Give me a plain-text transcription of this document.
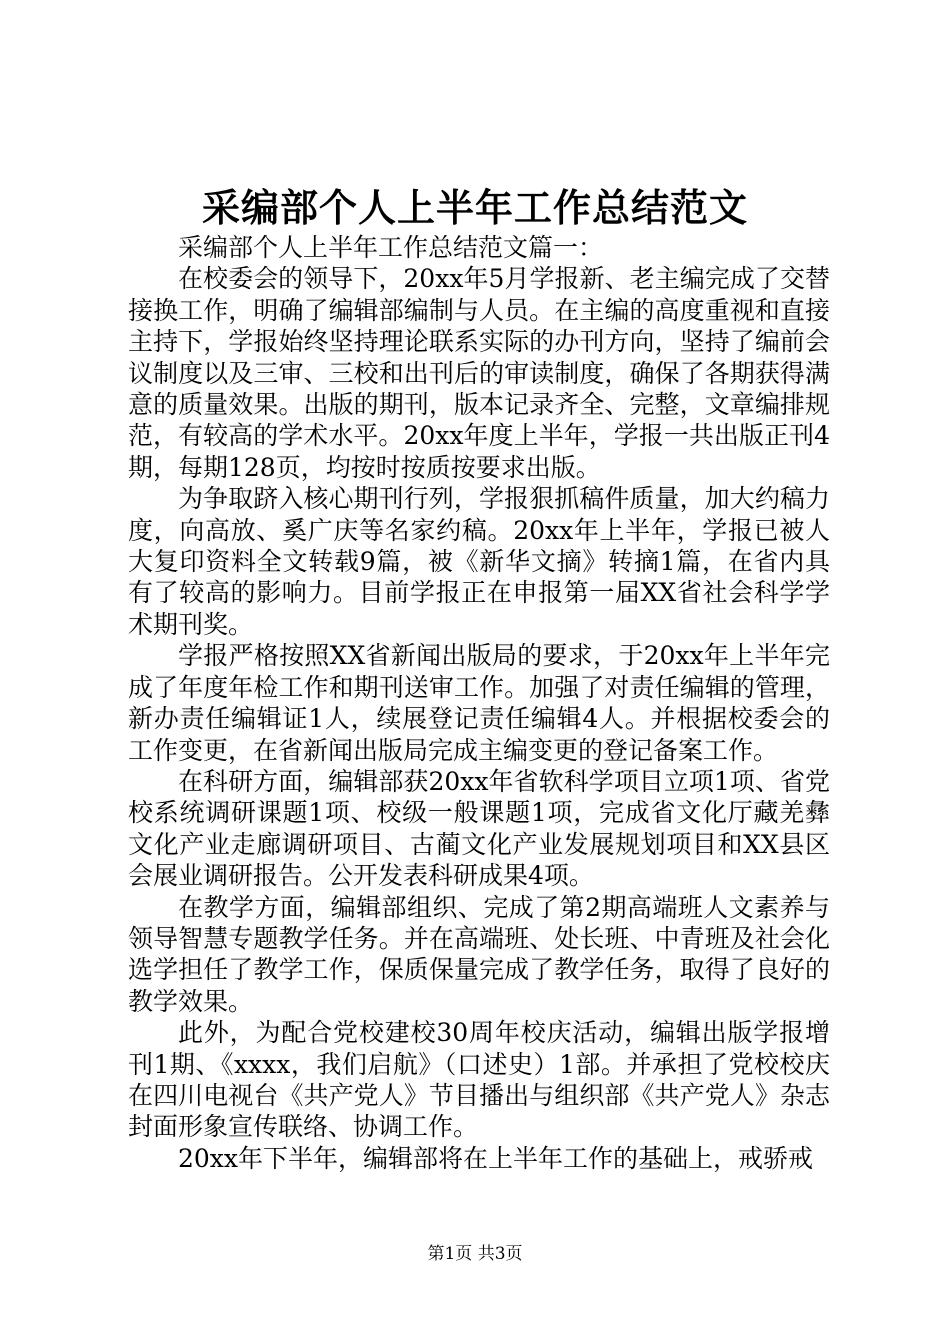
采编部个人上半年工作总结范文

采编部个人上半年工作总结范文篇一：

在校委会的领导下，20xx年5月学报新、老主编完成了交替接换工作，明确了编辑部编制与人员。在主编的高度重视和直接主持下，学报始终坚持理论联系实际的办刊方向，坚持了编前会议制度以及三审、三校和出刊后的审读制度，确保了各期获得满意的质量效果。出版的期刊，版本记录齐全、完整，文章编排规范，有较高的学术水平。20xx年度上半年，学报一共出版正刊4期，每期128页，均按时按质按要求出版。

为争取跻入核心期刊行列，学报狠抓稿件质量，加大约稿力度，向高放、奚广庆等名家约稿。20xx年上半年，学报已被人大复印资料全文转载9篇，被《新华文摘》转摘1篇，在省内具有了较高的影响力。目前学报正在申报第一届XX省社会科学学术期刊奖。

学报严格按照XX省新闻出版局的要求，于20xx年上半年完成了年度年检工作和期刊送审工作。加强了对责任编辑的管理，新办责任编辑证1人，续展登记责任编辑4人。并根据校委会的工作变更，在省新闻出版局完成主编变更的登记备案工作。

在科研方面，编辑部获20xx年省软科学项目立项1项、省党校系统调研课题1项、校级一般课题1项，完成省文化厅藏羌彝文化产业走廊调研项目、古蔺文化产业发展规划项目和XX县区会展业调研报告。公开发表科研成果4项。

在教学方面，编辑部组织、完成了第2期高端班人文素养与领导智慧专题教学任务。并在高端班、处长班、中青班及社会化选学担任了教学工作，保质保量完成了教学任务，取得了良好的教学效果。

此外，为配合党校建校30周年校庆活动，编辑出版学报增刊1期、《xxxx，我们启航》（口述史）1部。并承担了党校校庆在四川电视台《共产党人》节目播出与组织部《共产党人》杂志封面形象宣传联络、协调工作。

20xx年下半年，编辑部将在上半年工作的基础上，戒骄戒

第1页 共3页
